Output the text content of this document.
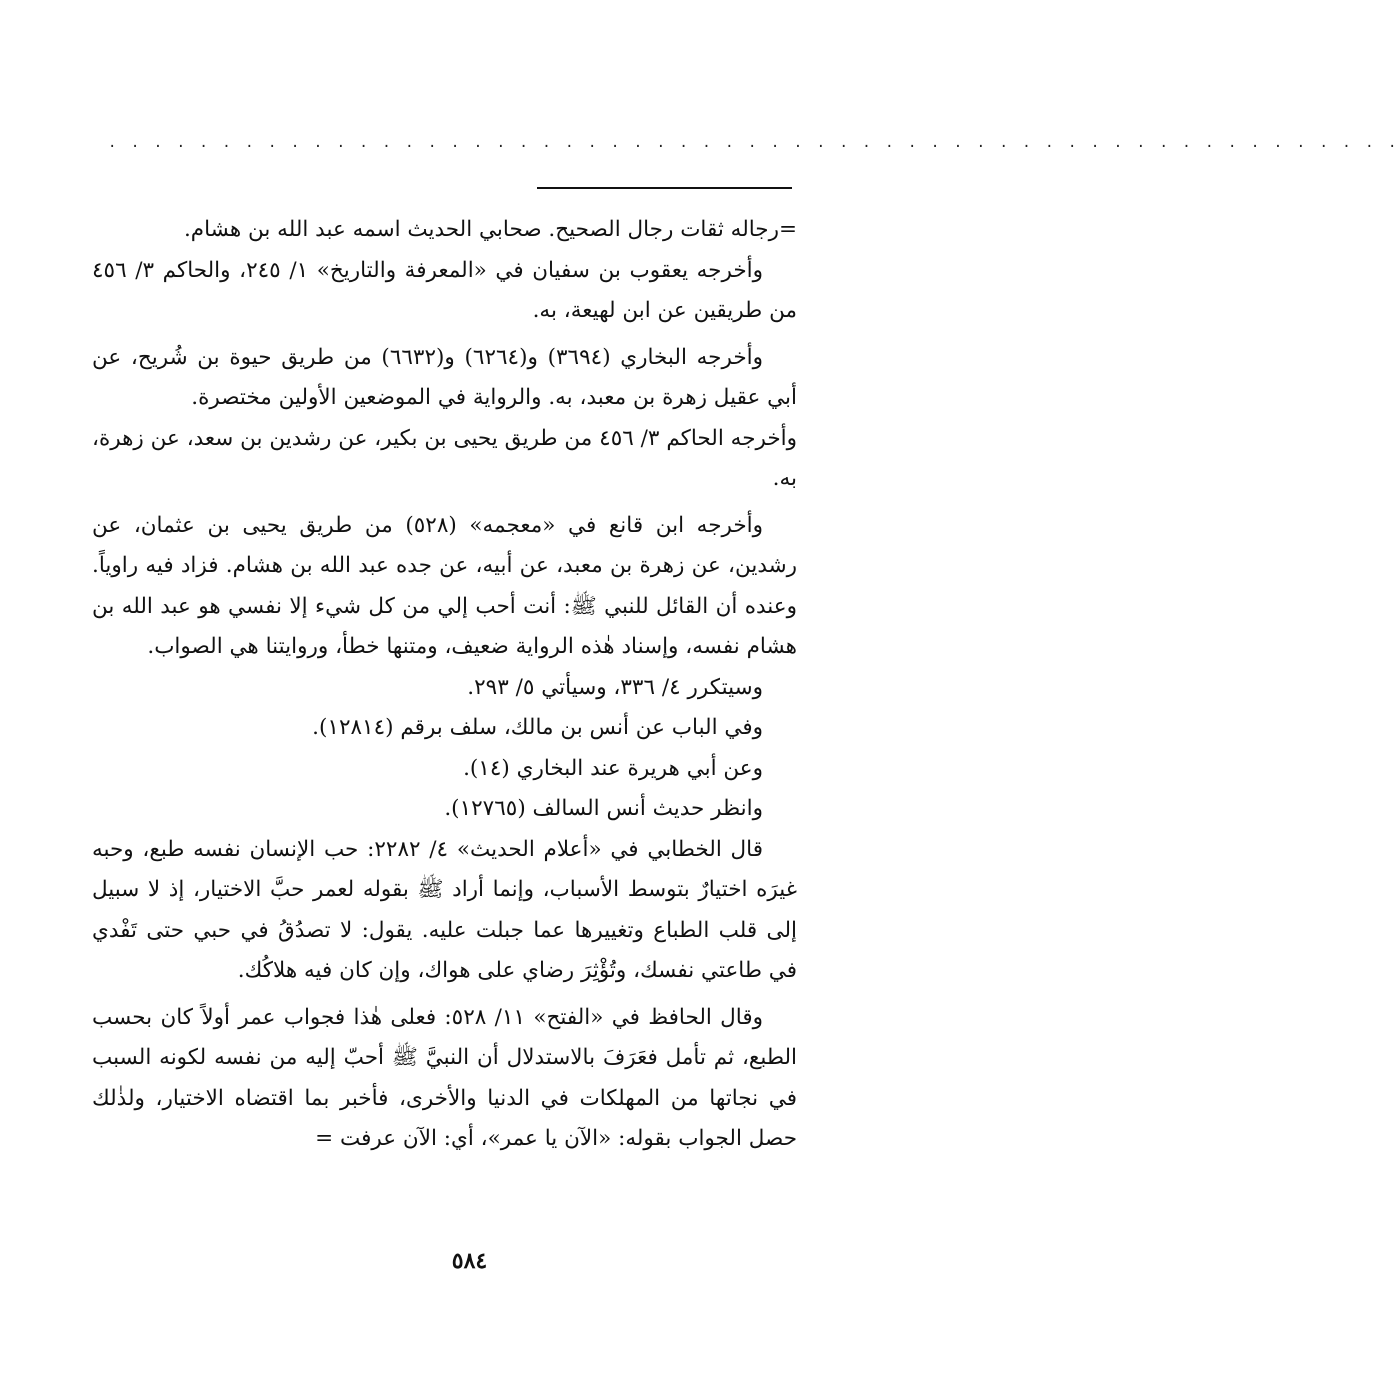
· · · · · · · · · · · · · · · · · · · · · · · · · · · · · · · · · · · · · · · · · · · · · · · · · · · · · · · · ·

=رجاله ثقات رجال الصحيح. صحابي الحديث اسمه عبد الله بن هشام.

وأخرجه يعقوب بن سفيان في «المعرفة والتاريخ» ١/ ٢٤٥، والحاكم ٣/ ٤٥٦ من طريقين عن ابن لهيعة، به.

وأخرجه البخاري (٣٦٩٤) و(٦٢٦٤) و(٦٦٣٢) من طريق حيوة بن شُريح، عن أبي عقيل زهرة بن معبد، به. والرواية في الموضعين الأولين مختصرة.

وأخرجه الحاكم ٣/ ٤٥٦ من طريق يحيى بن بكير، عن رشدين بن سعد، عن زهرة، به.

وأخرجه ابن قانع في «معجمه» (٥٢٨) من طريق يحيى بن عثمان، عن رشدين، عن زهرة بن معبد، عن أبيه، عن جده عبد الله بن هشام. فزاد فيه راوياً. وعنده أن القائل للنبي ﷺ: أنت أحب إلي من كل شيء إلا نفسي هو عبد الله بن هشام نفسه، وإسناد هٰذه الرواية ضعيف، ومتنها خطأ، وروايتنا هي الصواب.

وسيتكرر ٤/ ٣٣٦، وسيأتي ٥/ ٢٩٣.

وفي الباب عن أنس بن مالك، سلف برقم (١٢٨١٤).

وعن أبي هريرة عند البخاري (١٤).

وانظر حديث أنس السالف (١٢٧٦٥).

قال الخطابي في «أعلام الحديث» ٤/ ٢٢٨٢: حب الإنسان نفسه طبع، وحبه غيرَه اختيارٌ بتوسط الأسباب، وإنما أراد ﷺ بقوله لعمر حبَّ الاختيار، إذ لا سبيل إلى قلب الطباع وتغييرها عما جبلت عليه. يقول: لا تصدُقُ في حبي حتى تَفْدي في طاعتي نفسك، وتُؤْثِرَ رضاي على هواك، وإن كان فيه هلاكُك.

وقال الحافظ في «الفتح» ١١/ ٥٢٨: فعلى هٰذا فجواب عمر أولاً كان بحسب الطبع، ثم تأمل فعَرَفَ بالاستدلال أن النبيَّ ﷺ أحبّ إليه من نفسه لكونه السبب في نجاتها من المهلكات في الدنيا والأخرى، فأخبر بما اقتضاه الاختيار، ولذٰلك حصل الجواب بقوله: «الآن يا عمر»، أي: الآن عرفت =

٥٨٤
